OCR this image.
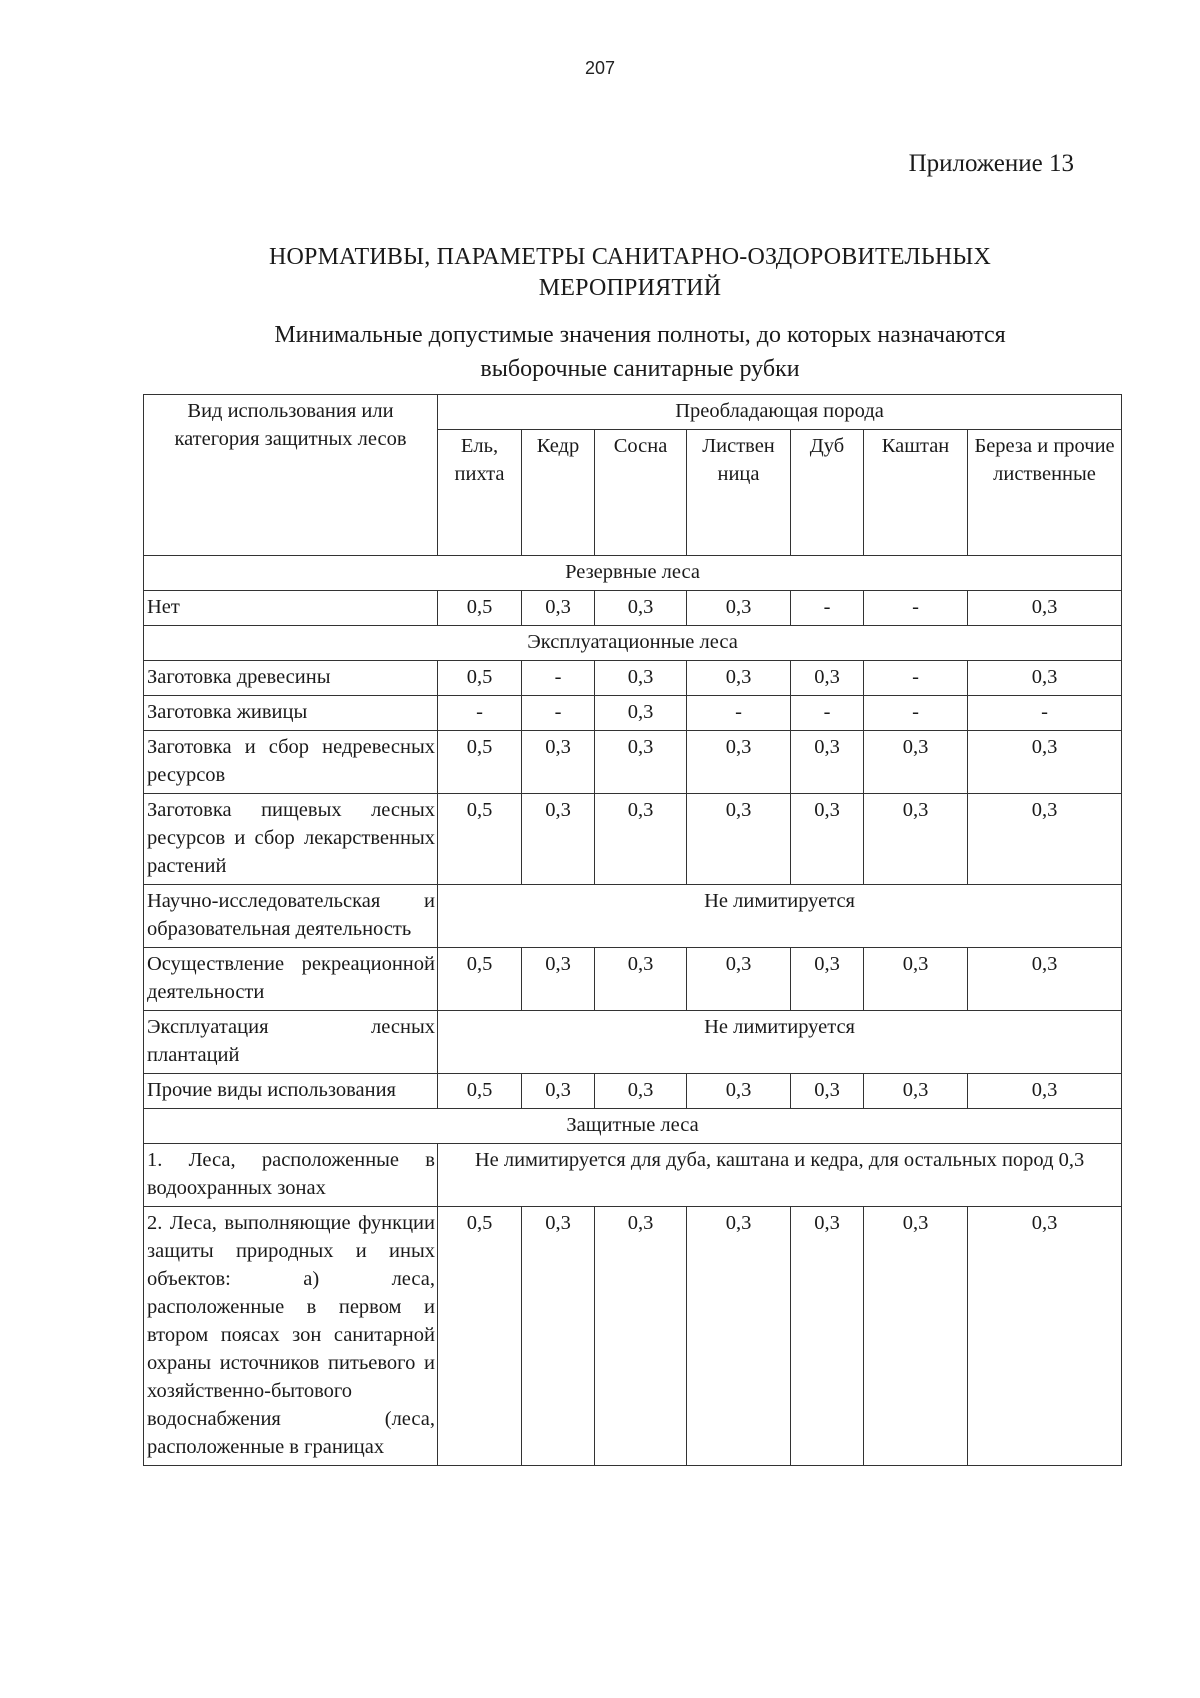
207
Приложение 13
НОРМАТИВЫ, ПАРАМЕТРЫ САНИТАРНО-ОЗДОРОВИТЕЛЬНЫХ
МЕРОПРИЯТИЙ
Минимальные допустимые значения полноты, до которых назначаются
выборочные санитарные рубки
Вид использования или категория защитных лесов	Преобладающая порода						
	Ель, пихта	Кедр	Сосна	Листвен ница	Дуб	Каштан	Береза и прочие лиственные
Резервные леса							
Нет	0,5	0,3	0,3	0,3	-	-	0,3
Эксплуатационные леса							
Заготовка древесины	0,5	-	0,3	0,3	0,3	-	0,3
Заготовка живицы	-	-	0,3	-	-	-	-
Заготовка и сбор недревесных ресурсов	0,5	0,3	0,3	0,3	0,3	0,3	0,3
Заготовка пищевых лесных ресурсов и сбор лекарственных растений	0,5	0,3	0,3	0,3	0,3	0,3	0,3
Научно-исследовательская и образовательная деятельность	Не лимитируется						
Осуществление рекреационной деятельности	0,5	0,3	0,3	0,3	0,3	0,3	0,3
Эксплуатация лесных плантаций	Не лимитируется						
Прочие виды использования	0,5	0,3	0,3	0,3	0,3	0,3	0,3
Защитные леса							
1. Леса, расположенные в водоохранных зонах	Не лимитируется для дуба, каштана и кедра, для остальных пород 0,3						
2. Леса, выполняющие функции защиты природных и иных объектов: а) леса, расположенные в первом и втором поясах зон санитарной охраны источников питьевого и хозяйственно-бытового водоснабжения (леса, расположенные в границах	0,5	0,3	0,3	0,3	0,3	0,3	0,3
